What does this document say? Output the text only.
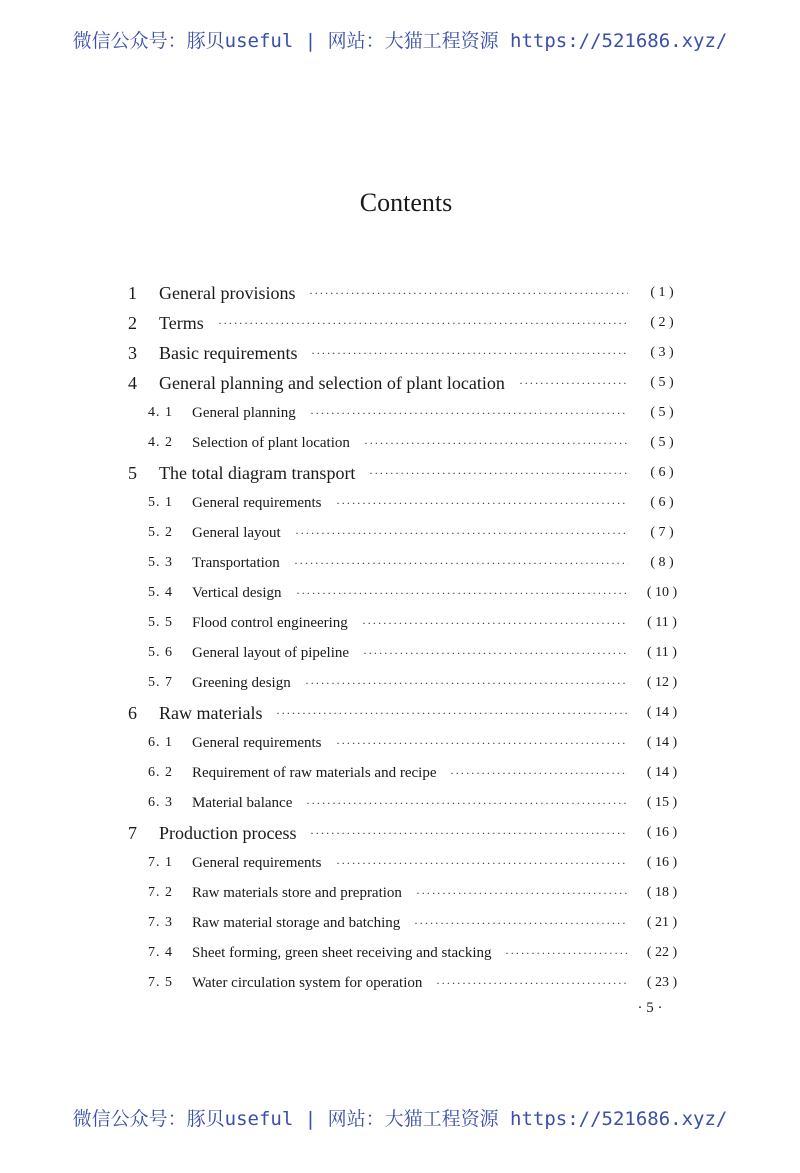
微信公众号：豚贝useful | 网站：大猫工程资源 https://521686.xyz/
Contents
1 General provisions ·····	( 1 )
2 Terms ·····	( 2 )
3 Basic requirements ·····	( 3 )
4 General planning and selection of plant location ·····	( 5 )
4. 1 General planning ·····	( 5 )
4. 2 Selection of plant location ·····	( 5 )
5 The total diagram transport ·····	( 6 )
5. 1 General requirements ·····	( 6 )
5. 2 General layout ·····	( 7 )
5. 3 Transportation ·····	( 8 )
5. 4 Vertical design ·····	( 10 )
5. 5 Flood control engineering ·····	( 11 )
5. 6 General layout of pipeline ·····	( 11 )
5. 7 Greening design ·····	( 12 )
6 Raw materials ·····	( 14 )
6. 1 General requirements ·····	( 14 )
6. 2 Requirement of raw materials and recipe ·····	( 14 )
6. 3 Material balance ·····	( 15 )
7 Production process ·····	( 16 )
7. 1 General requirements ·····	( 16 )
7. 2 Raw materials store and prepration ·····	( 18 )
7. 3 Raw material storage and batching ·····	( 21 )
7. 4 Sheet forming, green sheet receiving and stacking ·····	( 22 )
7. 5 Water circulation system for operation ·····	( 23 )
· 5 ·
微信公众号：豚贝useful | 网站：大猫工程资源 https://521686.xyz/
